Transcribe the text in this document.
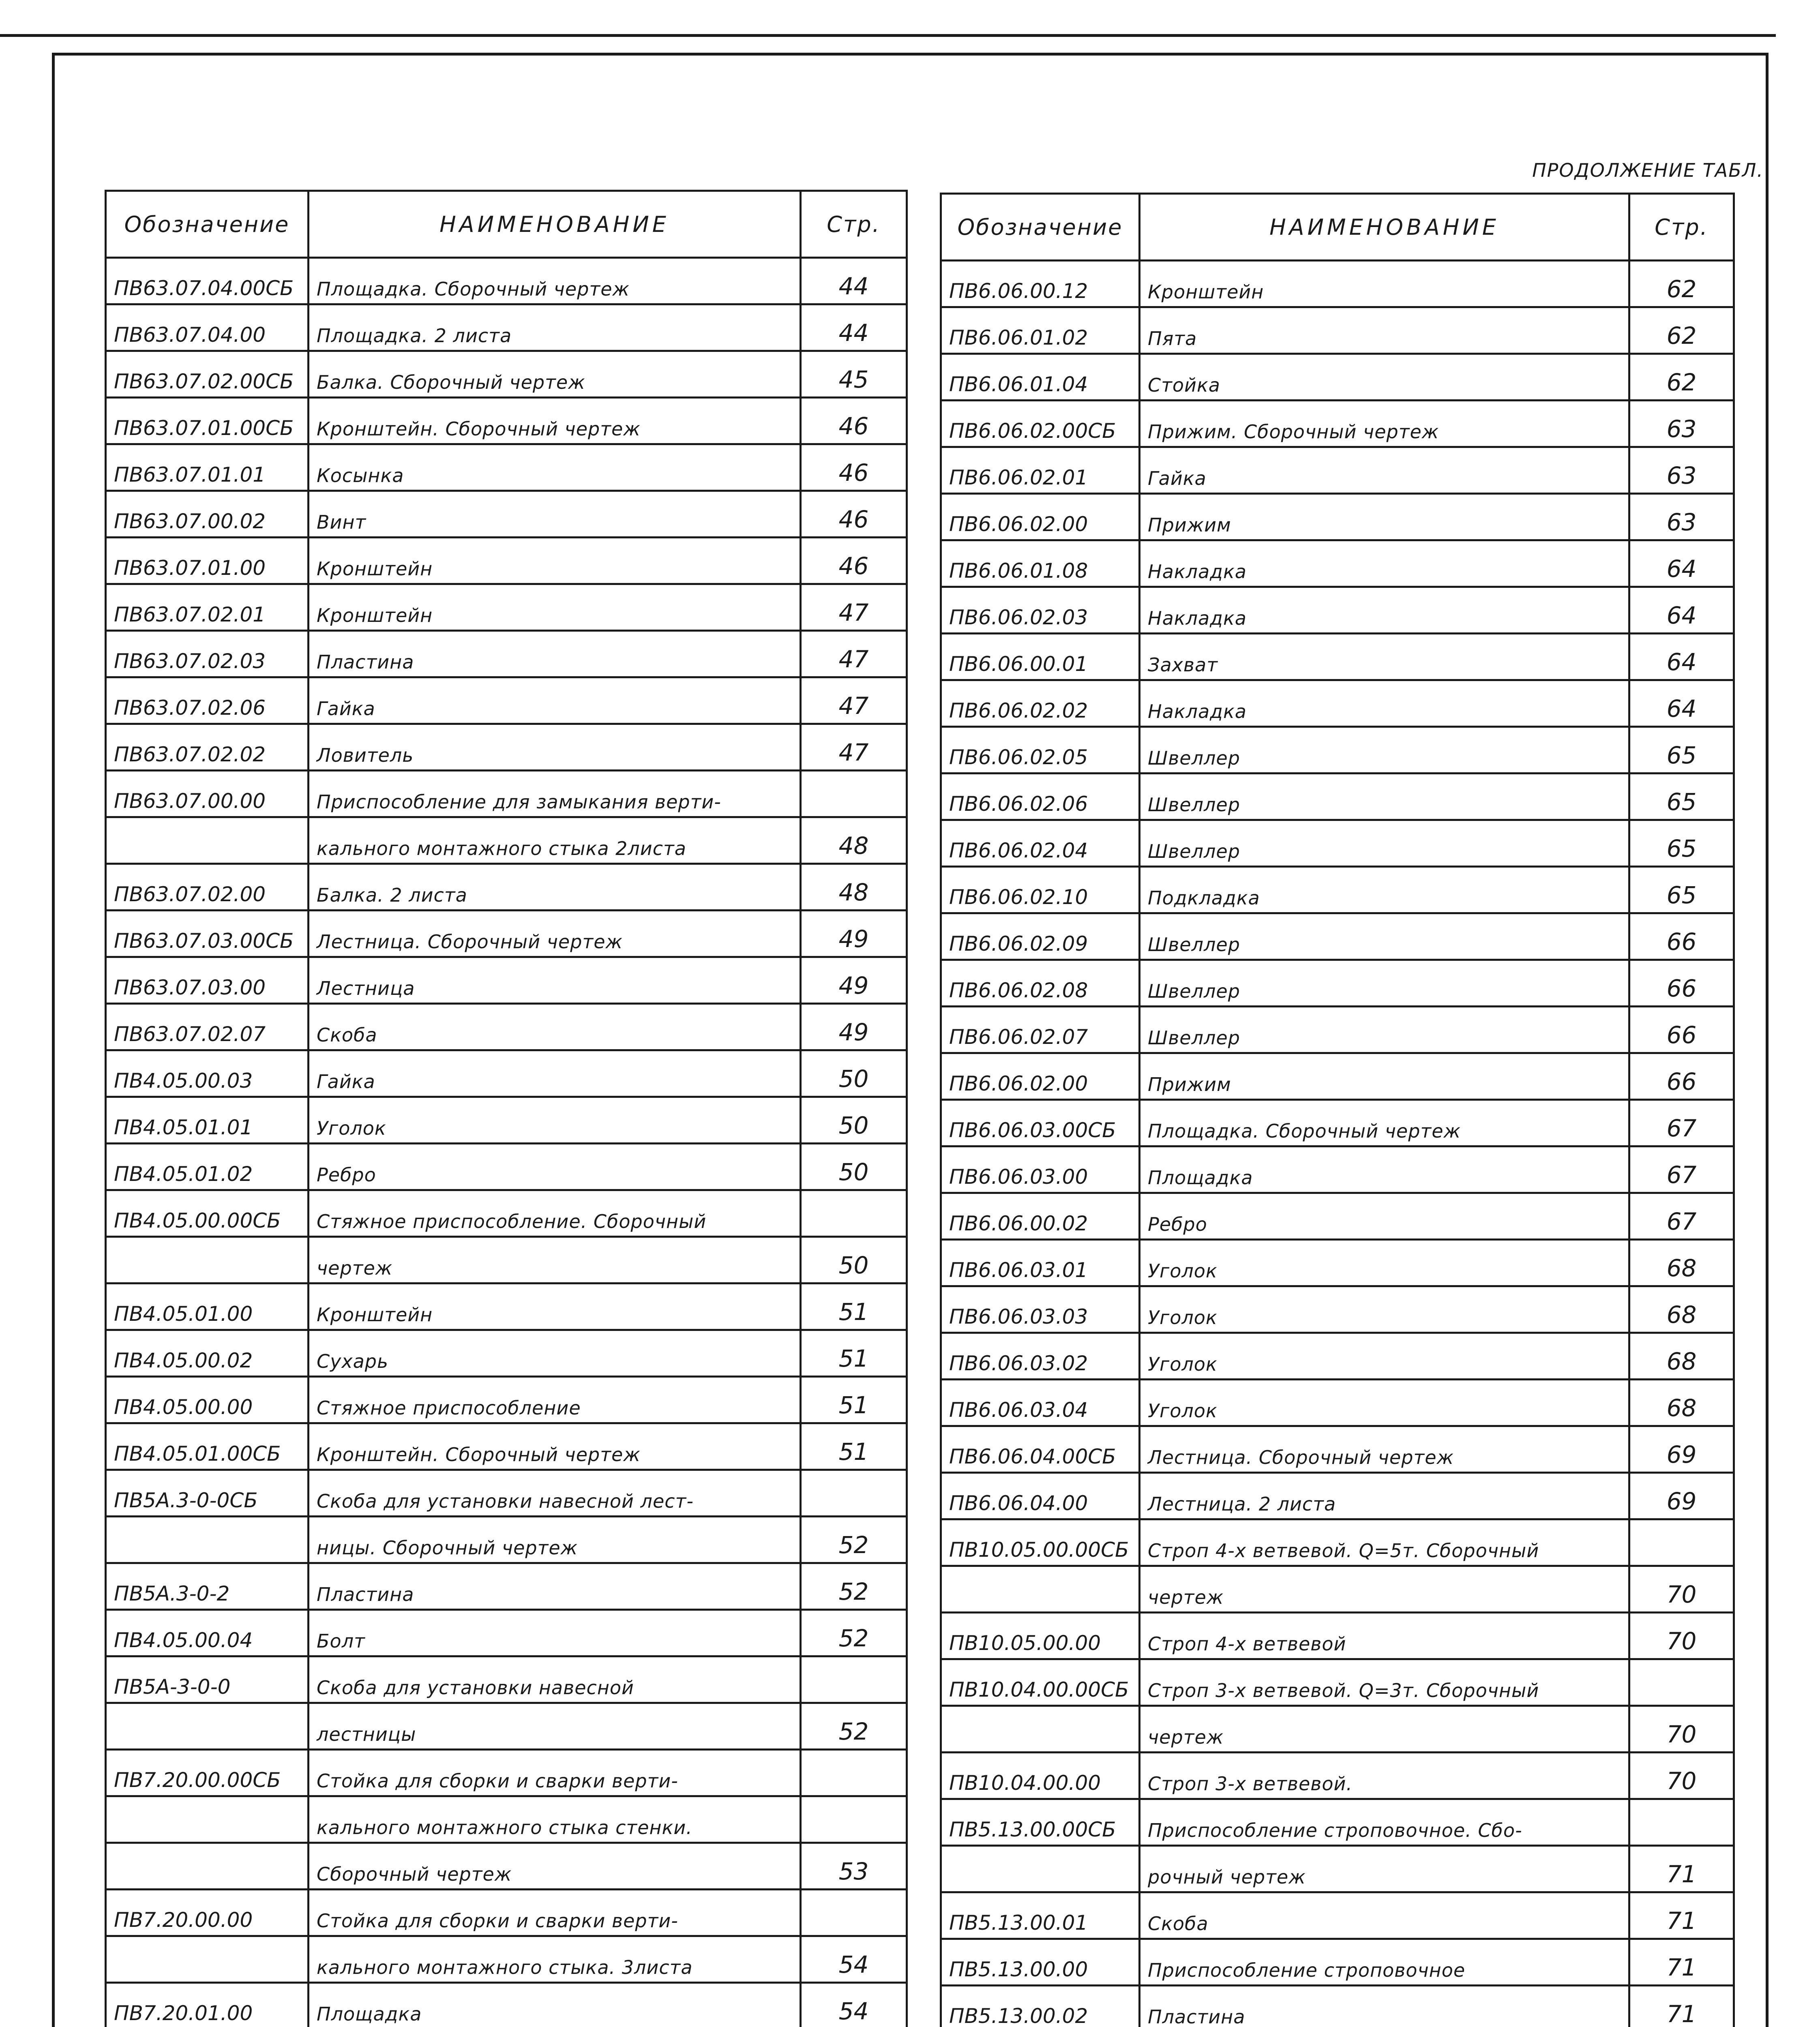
ПРОДОЛЖЕНИЕ ТАБЛ.
Обозначение	НАИМЕНОВАНИЕ	Стр.
ПВ63.07.04.00СБ	Площадка. Сборочный чертеж	44
ПВ63.07.04.00	Площадка. 2 листа	44
ПВ63.07.02.00СБ	Балка. Сборочный чертеж	45
ПВ63.07.01.00СБ	Кронштейн. Сборочный чертеж	46
ПВ63.07.01.01	Косынка	46
ПВ63.07.00.02	Винт	46
ПВ63.07.01.00	Кронштейн	46
ПВ63.07.02.01	Кронштейн	47
ПВ63.07.02.03	Пластина	47
ПВ63.07.02.06	Гайка	47
ПВ63.07.02.02	Ловитель	47
ПВ63.07.00.00	Приспособление для замыкания верти-	
	кального монтажного стыка 2листа	48
ПВ63.07.02.00	Балка. 2 листа	48
ПВ63.07.03.00СБ	Лестница. Сборочный чертеж	49
ПВ63.07.03.00	Лестница	49
ПВ63.07.02.07	Скоба	49
ПВ4.05.00.03	Гайка	50
ПВ4.05.01.01	Уголок	50
ПВ4.05.01.02	Ребро	50
ПВ4.05.00.00СБ	Стяжное приспособление. Сборочный	
	чертеж	50
ПВ4.05.01.00	Кронштейн	51
ПВ4.05.00.02	Сухарь	51
ПВ4.05.00.00	Стяжное приспособление	51
ПВ4.05.01.00СБ	Кронштейн. Сборочный чертеж	51
ПВ5А.3-0-0СБ	Скоба для установки навесной лест-	
	ницы. Сборочный чертеж	52
ПВ5А.3-0-2	Пластина	52
ПВ4.05.00.04	Болт	52
ПВ5А-3-0-0	Скоба для установки навесной	
	лестницы	52
ПВ7.20.00.00СБ	Стойка для сборки и сварки верти-	
	кального монтажного стыка стенки.	
	Сборочный чертеж	53
ПВ7.20.00.00	Стойка для сборки и сварки верти-	
	кального монтажного стыка. 3листа	54
ПВ7.20.01.00	Площадка	54

Обозначение	НАИМЕНОВАНИЕ	Стр.
ПВ6.06.00.12	Кронштейн	62
ПВ6.06.01.02	Пята	62
ПВ6.06.01.04	Стойка	62
ПВ6.06.02.00СБ	Прижим. Сборочный чертеж	63
ПВ6.06.02.01	Гайка	63
ПВ6.06.02.00	Прижим	63
ПВ6.06.01.08	Накладка	64
ПВ6.06.02.03	Накладка	64
ПВ6.06.00.01	Захват	64
ПВ6.06.02.02	Накладка	64
ПВ6.06.02.05	Швеллер	65
ПВ6.06.02.06	Швеллер	65
ПВ6.06.02.04	Швеллер	65
ПВ6.06.02.10	Подкладка	65
ПВ6.06.02.09	Швеллер	66
ПВ6.06.02.08	Швеллер	66
ПВ6.06.02.07	Швеллер	66
ПВ6.06.02.00	Прижим	66
ПВ6.06.03.00СБ	Площадка. Сборочный чертеж	67
ПВ6.06.03.00	Площадка	67
ПВ6.06.00.02	Ребро	67
ПВ6.06.03.01	Уголок	68
ПВ6.06.03.03	Уголок	68
ПВ6.06.03.02	Уголок	68
ПВ6.06.03.04	Уголок	68
ПВ6.06.04.00СБ	Лестница. Сборочный чертеж	69
ПВ6.06.04.00	Лестница. 2 листа	69
ПВ10.05.00.00СБ	Строп 4-х ветвевой. Q=5т. Сборочный	
	чертеж	70
ПВ10.05.00.00	Строп 4-х ветвевой	70
ПВ10.04.00.00СБ	Строп 3-х ветвевой. Q=3т. Сборочный	
	чертеж	70
ПВ10.04.00.00	Строп 3-х ветвевой.	70
ПВ5.13.00.00СБ	Приспособление строповочное. Сбо-	
	рочный чертеж	71
ПВ5.13.00.01	Скоба	71
ПВ5.13.00.00	Приспособление строповочное	71
ПВ5.13.00.02	Пластина	71
